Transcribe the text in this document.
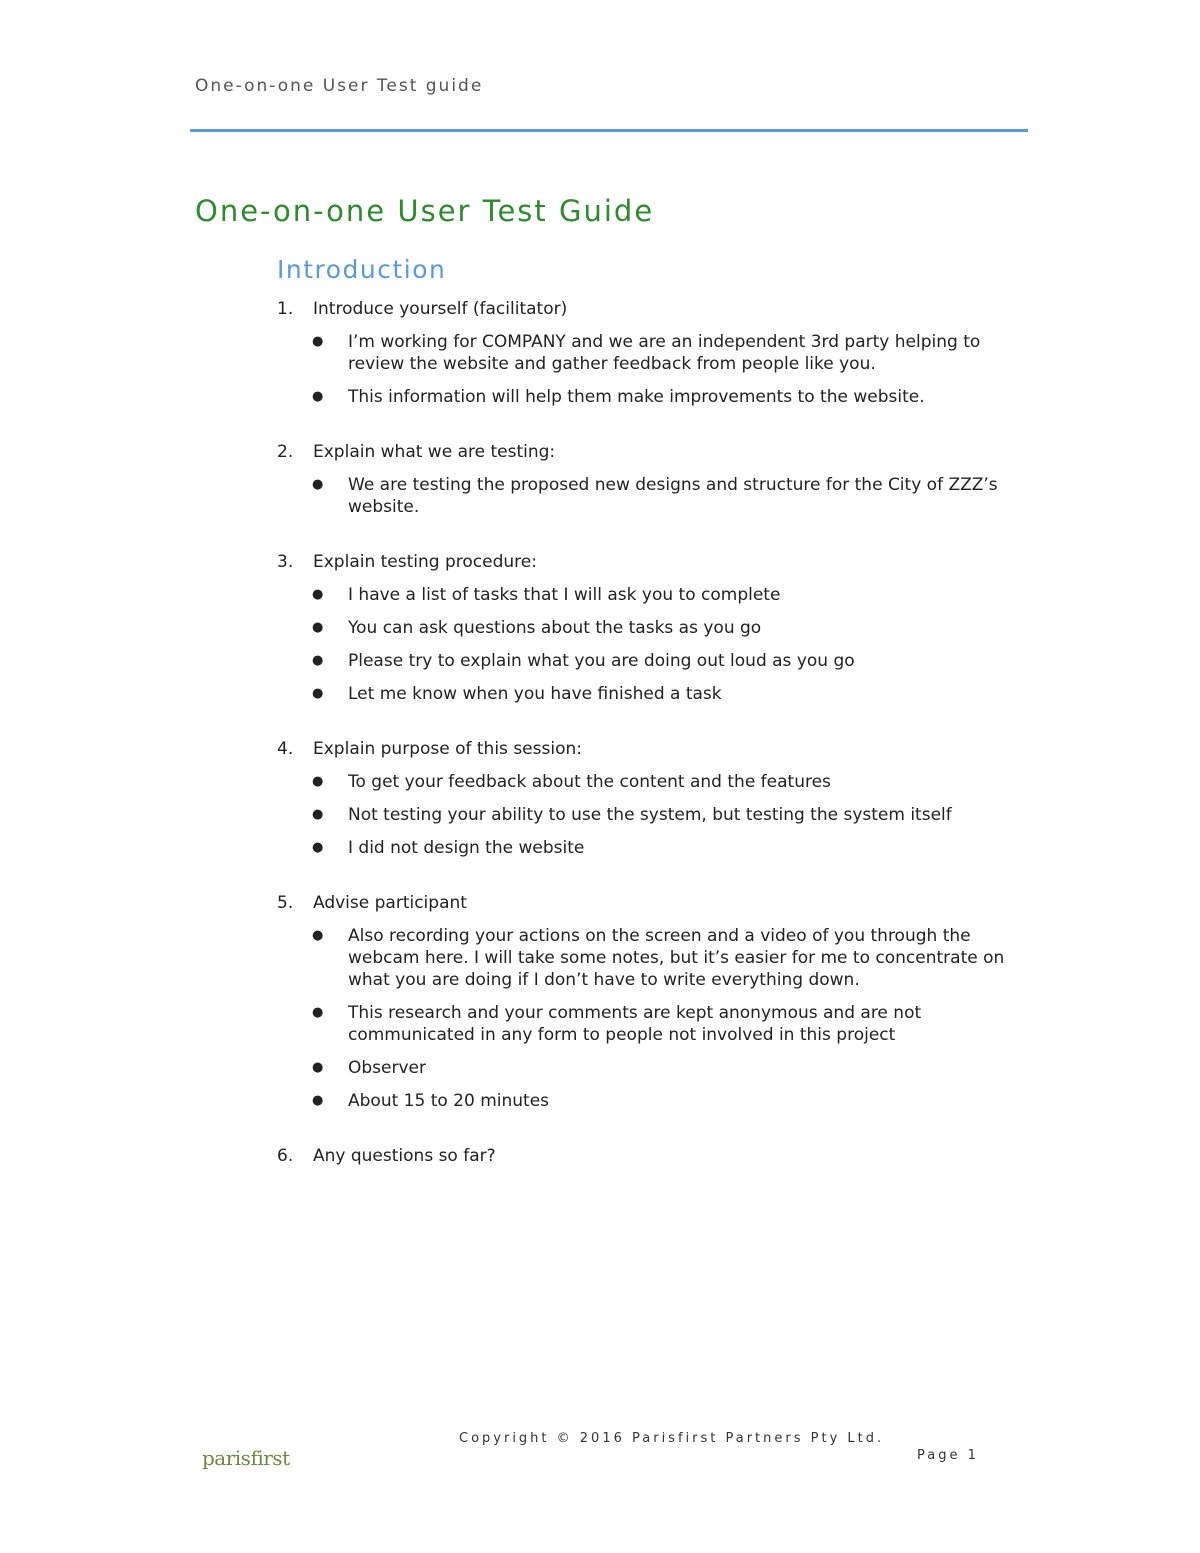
One-on-one User Test guide
One-on-one User Test Guide
Introduction
1.	Introduce yourself (facilitator)
●	I’m working for COMPANY and we are an independent 3rd party helping to review the website and gather feedback from people like you.
●	This information will help them make improvements to the website.
2.	Explain what we are testing:
●	We are testing the proposed new designs and structure for the City of ZZZ’s website.
3.	Explain testing procedure:
●	I have a list of tasks that I will ask you to complete
●	You can ask questions about the tasks as you go
●	Please try to explain what you are doing out loud as you go
●	Let me know when you have finished a task
4.	Explain purpose of this session:
●	To get your feedback about the content and the features
●	Not testing your ability to use the system, but testing the system itself
●	I did not design the website
5.	Advise participant
●	Also recording your actions on the screen and a video of you through the webcam here. I will take some notes, but it’s easier for me to concentrate on what you are doing if I don’t have to write everything down.
●	This research and your comments are kept anonymous and are not communicated in any form to people not involved in this project
●	Observer
●	About 15 to 20 minutes
6.	Any questions so far?
Copyright © 2016 Parisfirst Partners Pty Ltd.
parisfirst	Page 1
